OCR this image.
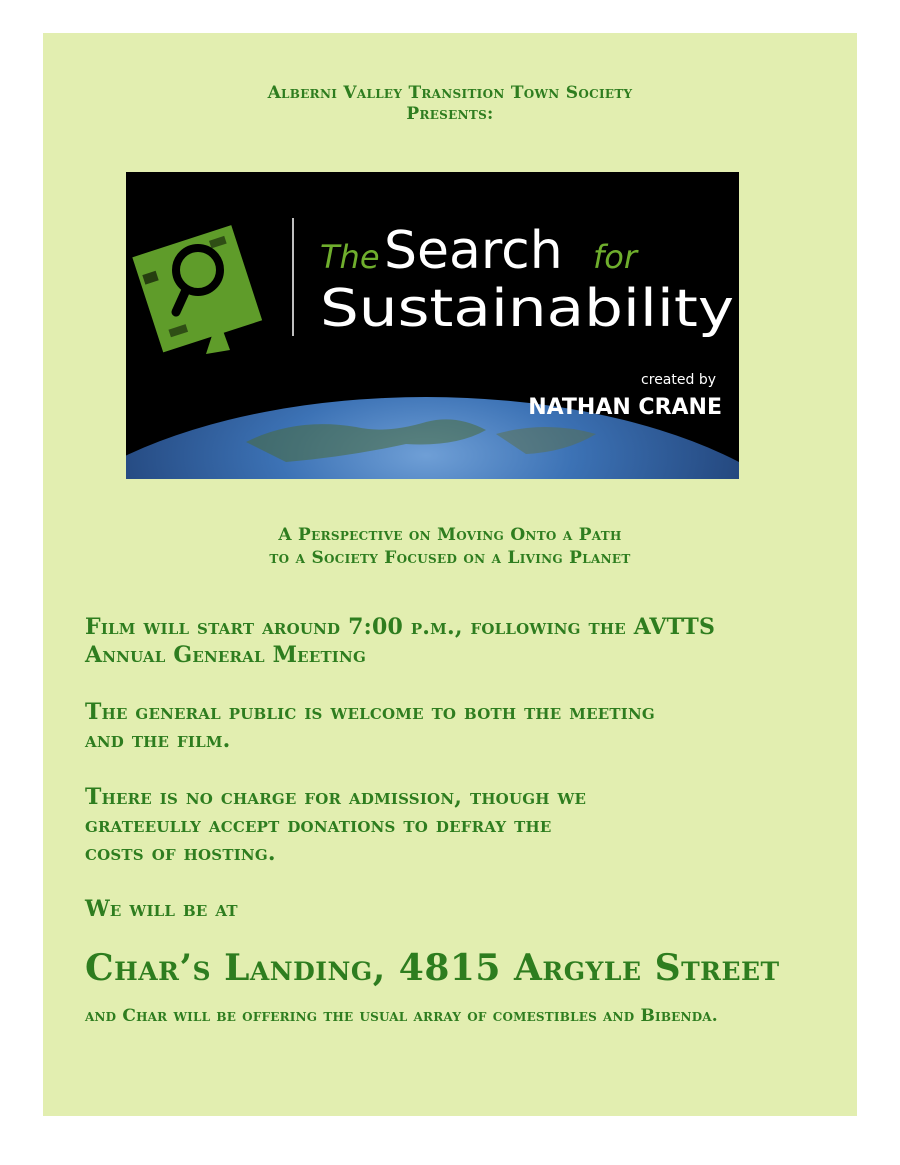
Alberni Valley Transition Town Society
Presents:
The Search for
Sustainability
created by
NATHAN CRANE
A Perspective on Moving Onto a Path
to a Society Focused on a Living Planet
Film will start around 7:00 p.m., following the AVTTS
Annual General Meeting
The general public is welcome to both the meeting
and the film.
There is no charge for admission, though we
grateeully accept donations to defray the
costs of hosting.
We will be at
Char’s Landing, 4815 Argyle Street
and Char will be offering the usual array of comestibles and Bibenda.
